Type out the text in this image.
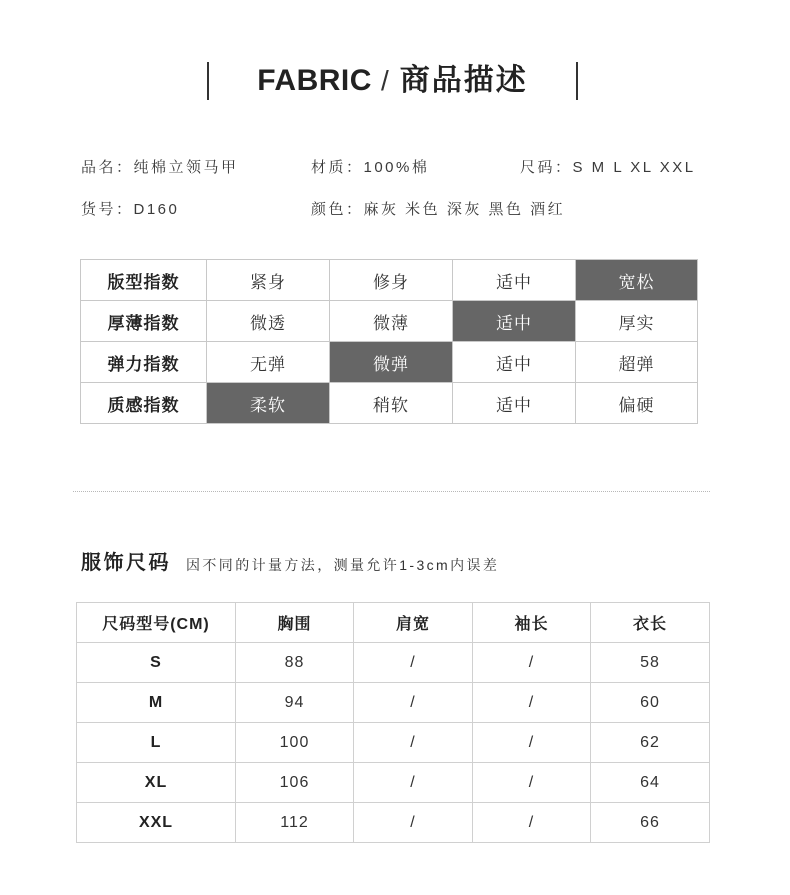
FABRIC / 商品描述
品名：纯棉立领马甲	材质：100%棉	尺码：S M L XL XXL
货号：D160	颜色：麻灰 米色 深灰 黑色 酒红
版型指数	紧身	修身	适中	宽松
厚薄指数	微透	微薄	适中	厚实
弹力指数	无弹	微弹	适中	超弹
质感指数	柔软	稍软	适中	偏硬
服饰尺码 因不同的计量方法，测量允许1-3cm内误差
尺码型号(CM)	胸围	肩宽	袖长	衣长
S	88	/	/	58
M	94	/	/	60
L	100	/	/	62
XL	106	/	/	64
XXL	112	/	/	66
